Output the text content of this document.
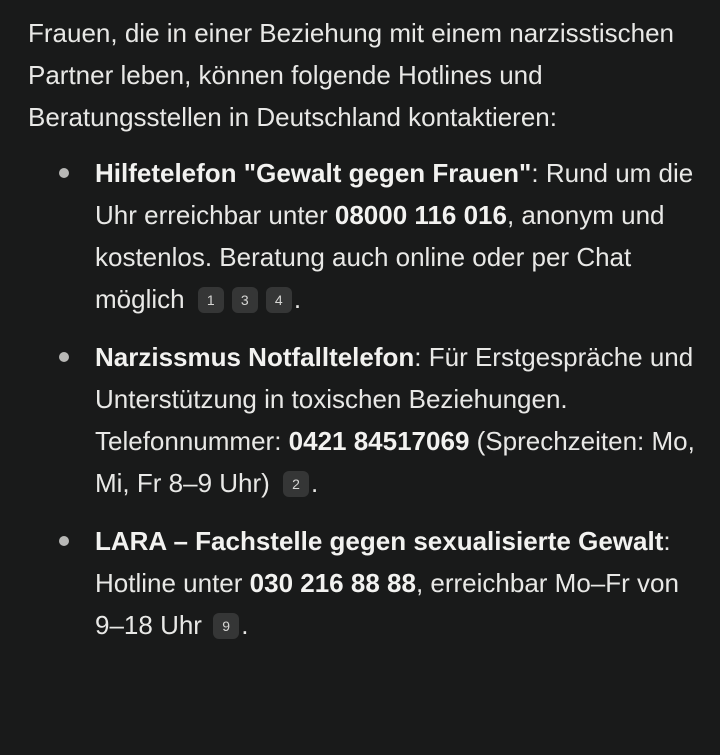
Frauen, die in einer Beziehung mit einem narzisstischen Partner leben, können folgende Hotlines und Beratungsstellen in Deutschland kontaktieren:

Hilfetelefon "Gewalt gegen Frauen": Rund um die Uhr erreichbar unter 08000 116 016, anonym und kostenlos. Beratung auch online oder per Chat möglich 1 3 4 .
Narzissmus Notfalltelefon: Für Erstgespräche und Unterstützung in toxischen Beziehungen. Telefonnummer: 0421 84517069 (Sprechzeiten: Mo, Mi, Fr 8–9 Uhr) 2 .
LARA – Fachstelle gegen sexualisierte Gewalt: Hotline unter 030 216 88 88, erreichbar Mo–Fr von 9–18 Uhr 9 .
